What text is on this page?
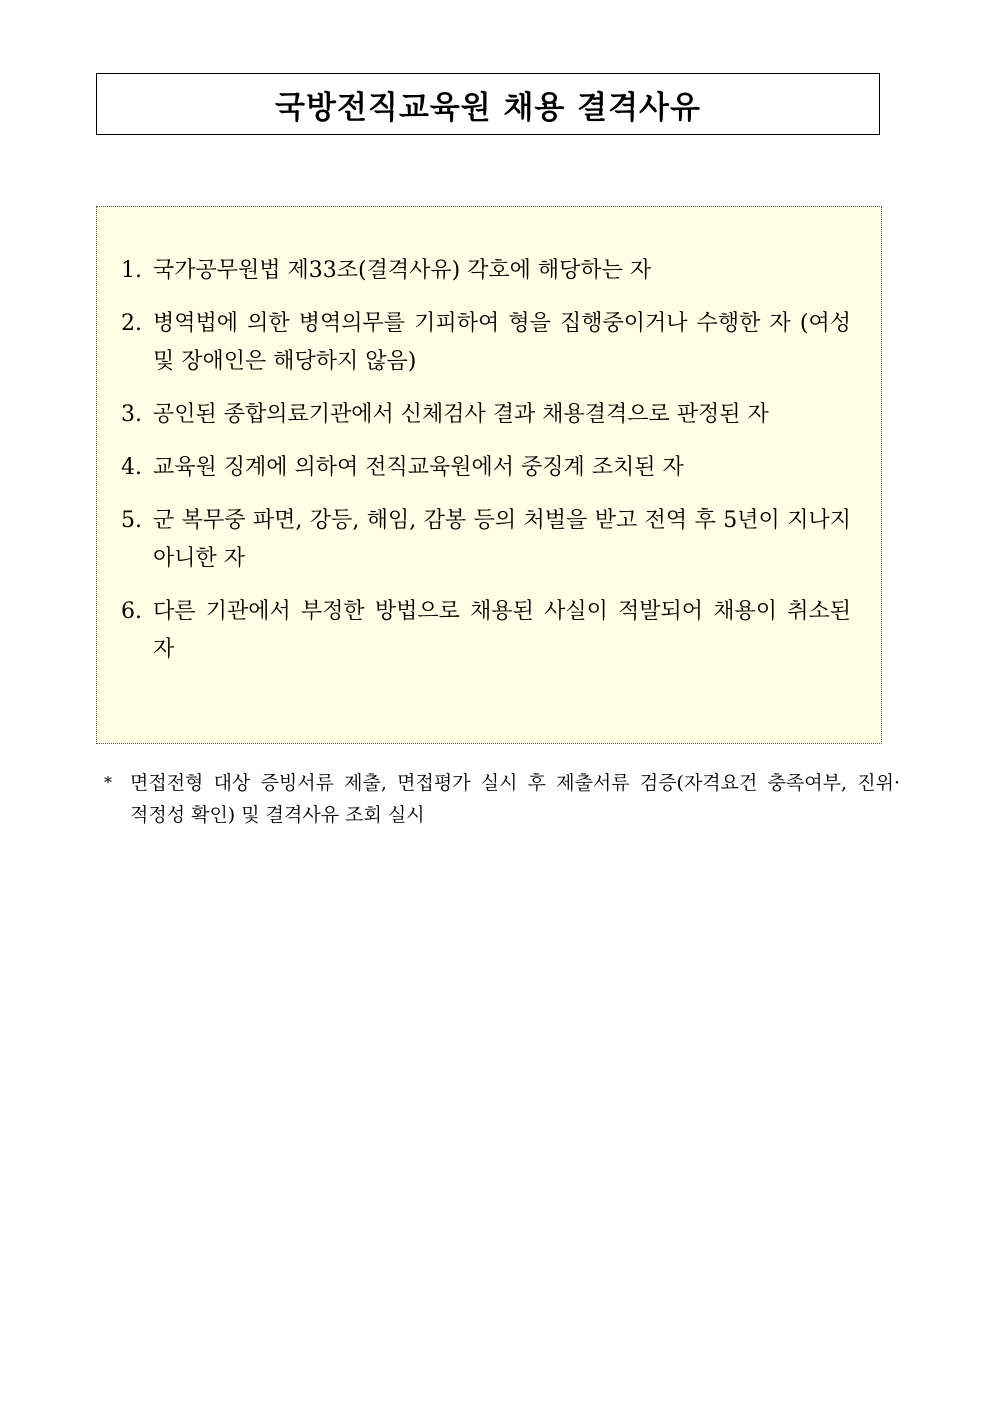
국방전직교육원 채용 결격사유
1. 국가공무원법 제33조(결격사유) 각호에 해당하는 자
2. 병역법에 의한 병역의무를 기피하여 형을 집행중이거나 수행한 자 (여성 및 장애인은 해당하지 않음)
3. 공인된 종합의료기관에서 신체검사 결과 채용결격으로 판정된 자
4. 교육원 징계에 의하여 전직교육원에서 중징계 조치된 자
5. 군 복무중 파면, 강등, 해임, 감봉 등의 처벌을 받고 전역 후 5년이 지나지 아니한 자
6. 다른 기관에서 부정한 방법으로 채용된 사실이 적발되어 채용이 취소된 자
* 면접전형 대상 증빙서류 제출, 면접평가 실시 후 제출서류 검증(자격요건 충족여부, 진위·적정성 확인) 및 결격사유 조회 실시
